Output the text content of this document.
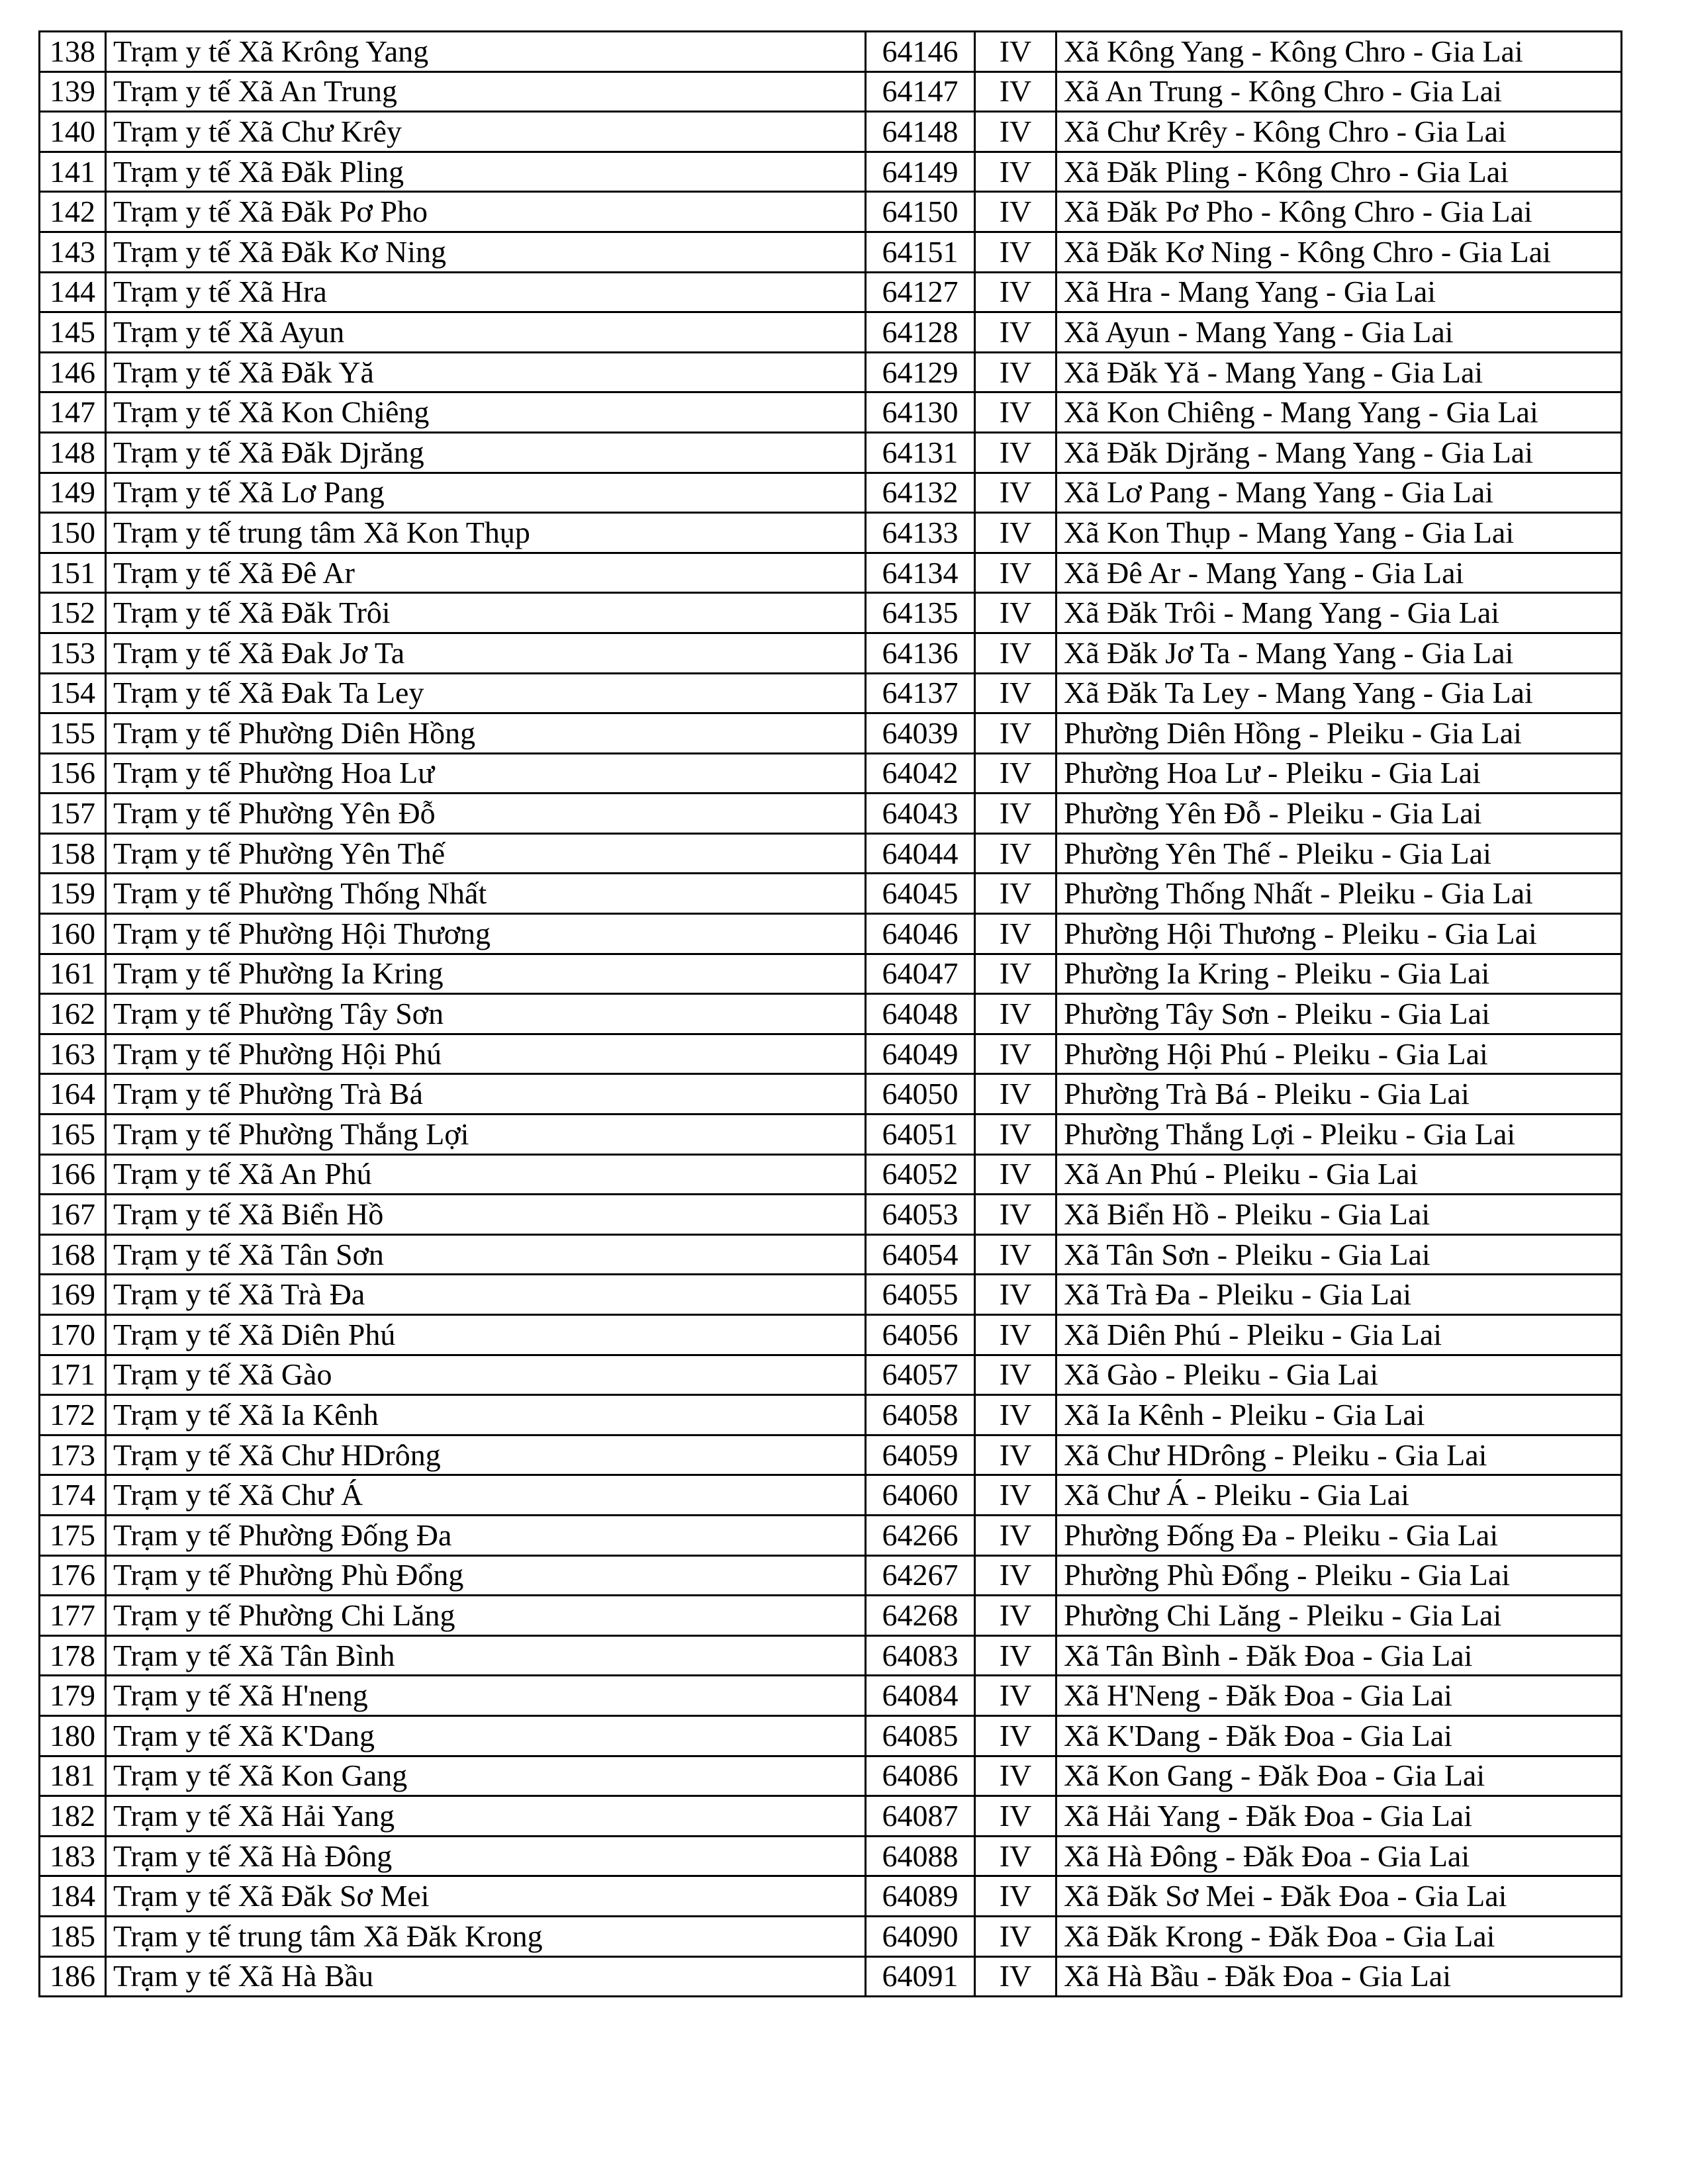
138	Trạm y tế Xã Krông Yang	64146	IV	Xã Kông Yang - Kông Chro - Gia Lai
139	Trạm y tế Xã An Trung	64147	IV	Xã An Trung - Kông Chro - Gia Lai
140	Trạm y tế Xã Chư Krêy	64148	IV	Xã Chư Krêy - Kông Chro - Gia Lai
141	Trạm y tế Xã Đăk Pling	64149	IV	Xã Đăk Pling - Kông Chro - Gia Lai
142	Trạm y tế Xã Đăk Pơ Pho	64150	IV	Xã Đăk Pơ Pho - Kông Chro - Gia Lai
143	Trạm y tế Xã Đăk Kơ Ning	64151	IV	Xã Đăk Kơ Ning - Kông Chro - Gia Lai
144	Trạm y tế Xã Hra	64127	IV	Xã Hra - Mang Yang - Gia Lai
145	Trạm y tế Xã Ayun	64128	IV	Xã Ayun - Mang Yang - Gia Lai
146	Trạm y tế Xã Đăk Yă	64129	IV	Xã Đăk Yă - Mang Yang - Gia Lai
147	Trạm y tế Xã Kon Chiêng	64130	IV	Xã Kon Chiêng - Mang Yang - Gia Lai
148	Trạm y tế Xã Đăk Djrăng	64131	IV	Xã Đăk Djrăng - Mang Yang - Gia Lai
149	Trạm y tế Xã Lơ Pang	64132	IV	Xã Lơ Pang - Mang Yang - Gia Lai
150	Trạm y tế trung tâm Xã Kon Thụp	64133	IV	Xã Kon Thụp - Mang Yang - Gia Lai
151	Trạm y tế Xã Đê Ar	64134	IV	Xã Đê Ar - Mang Yang - Gia Lai
152	Trạm y tế Xã Đăk Trôi	64135	IV	Xã Đăk Trôi - Mang Yang - Gia Lai
153	Trạm y tế Xã Đak Jơ Ta	64136	IV	Xã Đăk Jơ Ta - Mang Yang - Gia Lai
154	Trạm y tế Xã Đak Ta Ley	64137	IV	Xã Đăk Ta Ley - Mang Yang - Gia Lai
155	Trạm y tế Phường Diên Hồng	64039	IV	Phường Diên Hồng - Pleiku - Gia Lai
156	Trạm y tế Phường Hoa Lư	64042	IV	Phường Hoa Lư - Pleiku - Gia Lai
157	Trạm y tế Phường Yên Đỗ	64043	IV	Phường Yên Đỗ - Pleiku - Gia Lai
158	Trạm y tế Phường Yên Thế	64044	IV	Phường Yên Thế - Pleiku - Gia Lai
159	Trạm y tế Phường Thống Nhất	64045	IV	Phường Thống Nhất - Pleiku - Gia Lai
160	Trạm y tế Phường Hội Thương	64046	IV	Phường Hội Thương - Pleiku - Gia Lai
161	Trạm y tế Phường Ia Kring	64047	IV	Phường Ia Kring - Pleiku - Gia Lai
162	Trạm y tế Phường Tây Sơn	64048	IV	Phường Tây Sơn - Pleiku - Gia Lai
163	Trạm y tế Phường Hội Phú	64049	IV	Phường Hội Phú - Pleiku - Gia Lai
164	Trạm y tế Phường Trà Bá	64050	IV	Phường Trà Bá - Pleiku - Gia Lai
165	Trạm y tế Phường Thắng Lợi	64051	IV	Phường Thắng Lợi - Pleiku - Gia Lai
166	Trạm y tế Xã An Phú	64052	IV	Xã An Phú - Pleiku - Gia Lai
167	Trạm y tế Xã Biển Hồ	64053	IV	Xã Biển Hồ - Pleiku - Gia Lai
168	Trạm y tế Xã Tân Sơn	64054	IV	Xã Tân Sơn - Pleiku - Gia Lai
169	Trạm y tế Xã Trà Đa	64055	IV	Xã Trà Đa - Pleiku - Gia Lai
170	Trạm y tế Xã Diên Phú	64056	IV	Xã Diên Phú - Pleiku - Gia Lai
171	Trạm y tế Xã Gào	64057	IV	Xã Gào - Pleiku - Gia Lai
172	Trạm y tế Xã Ia Kênh	64058	IV	Xã Ia Kênh - Pleiku - Gia Lai
173	Trạm y tế Xã Chư HDrông	64059	IV	Xã Chư HDrông - Pleiku - Gia Lai
174	Trạm y tế Xã Chư Á	64060	IV	Xã Chư Á - Pleiku - Gia Lai
175	Trạm y tế Phường Đống Đa	64266	IV	Phường Đống Đa - Pleiku - Gia Lai
176	Trạm y tế Phường Phù Đổng	64267	IV	Phường Phù Đổng - Pleiku - Gia Lai
177	Trạm y tế Phường Chi Lăng	64268	IV	Phường Chi Lăng - Pleiku - Gia Lai
178	Trạm y tế Xã Tân Bình	64083	IV	Xã Tân Bình - Đăk Đoa - Gia Lai
179	Trạm y tế Xã H'neng	64084	IV	Xã H'Neng - Đăk Đoa - Gia Lai
180	Trạm y tế Xã K'Dang	64085	IV	Xã K'Dang - Đăk Đoa - Gia Lai
181	Trạm y tế Xã Kon Gang	64086	IV	Xã Kon Gang - Đăk Đoa - Gia Lai
182	Trạm y tế Xã Hải Yang	64087	IV	Xã Hải Yang - Đăk Đoa - Gia Lai
183	Trạm y tế Xã Hà Đông	64088	IV	Xã Hà Đông - Đăk Đoa - Gia Lai
184	Trạm y tế Xã Đăk Sơ Mei	64089	IV	Xã Đăk Sơ Mei - Đăk Đoa - Gia Lai
185	Trạm y tế trung tâm Xã Đăk Krong	64090	IV	Xã Đăk Krong - Đăk Đoa - Gia Lai
186	Trạm y tế Xã Hà Bầu	64091	IV	Xã Hà Bầu - Đăk Đoa - Gia Lai
